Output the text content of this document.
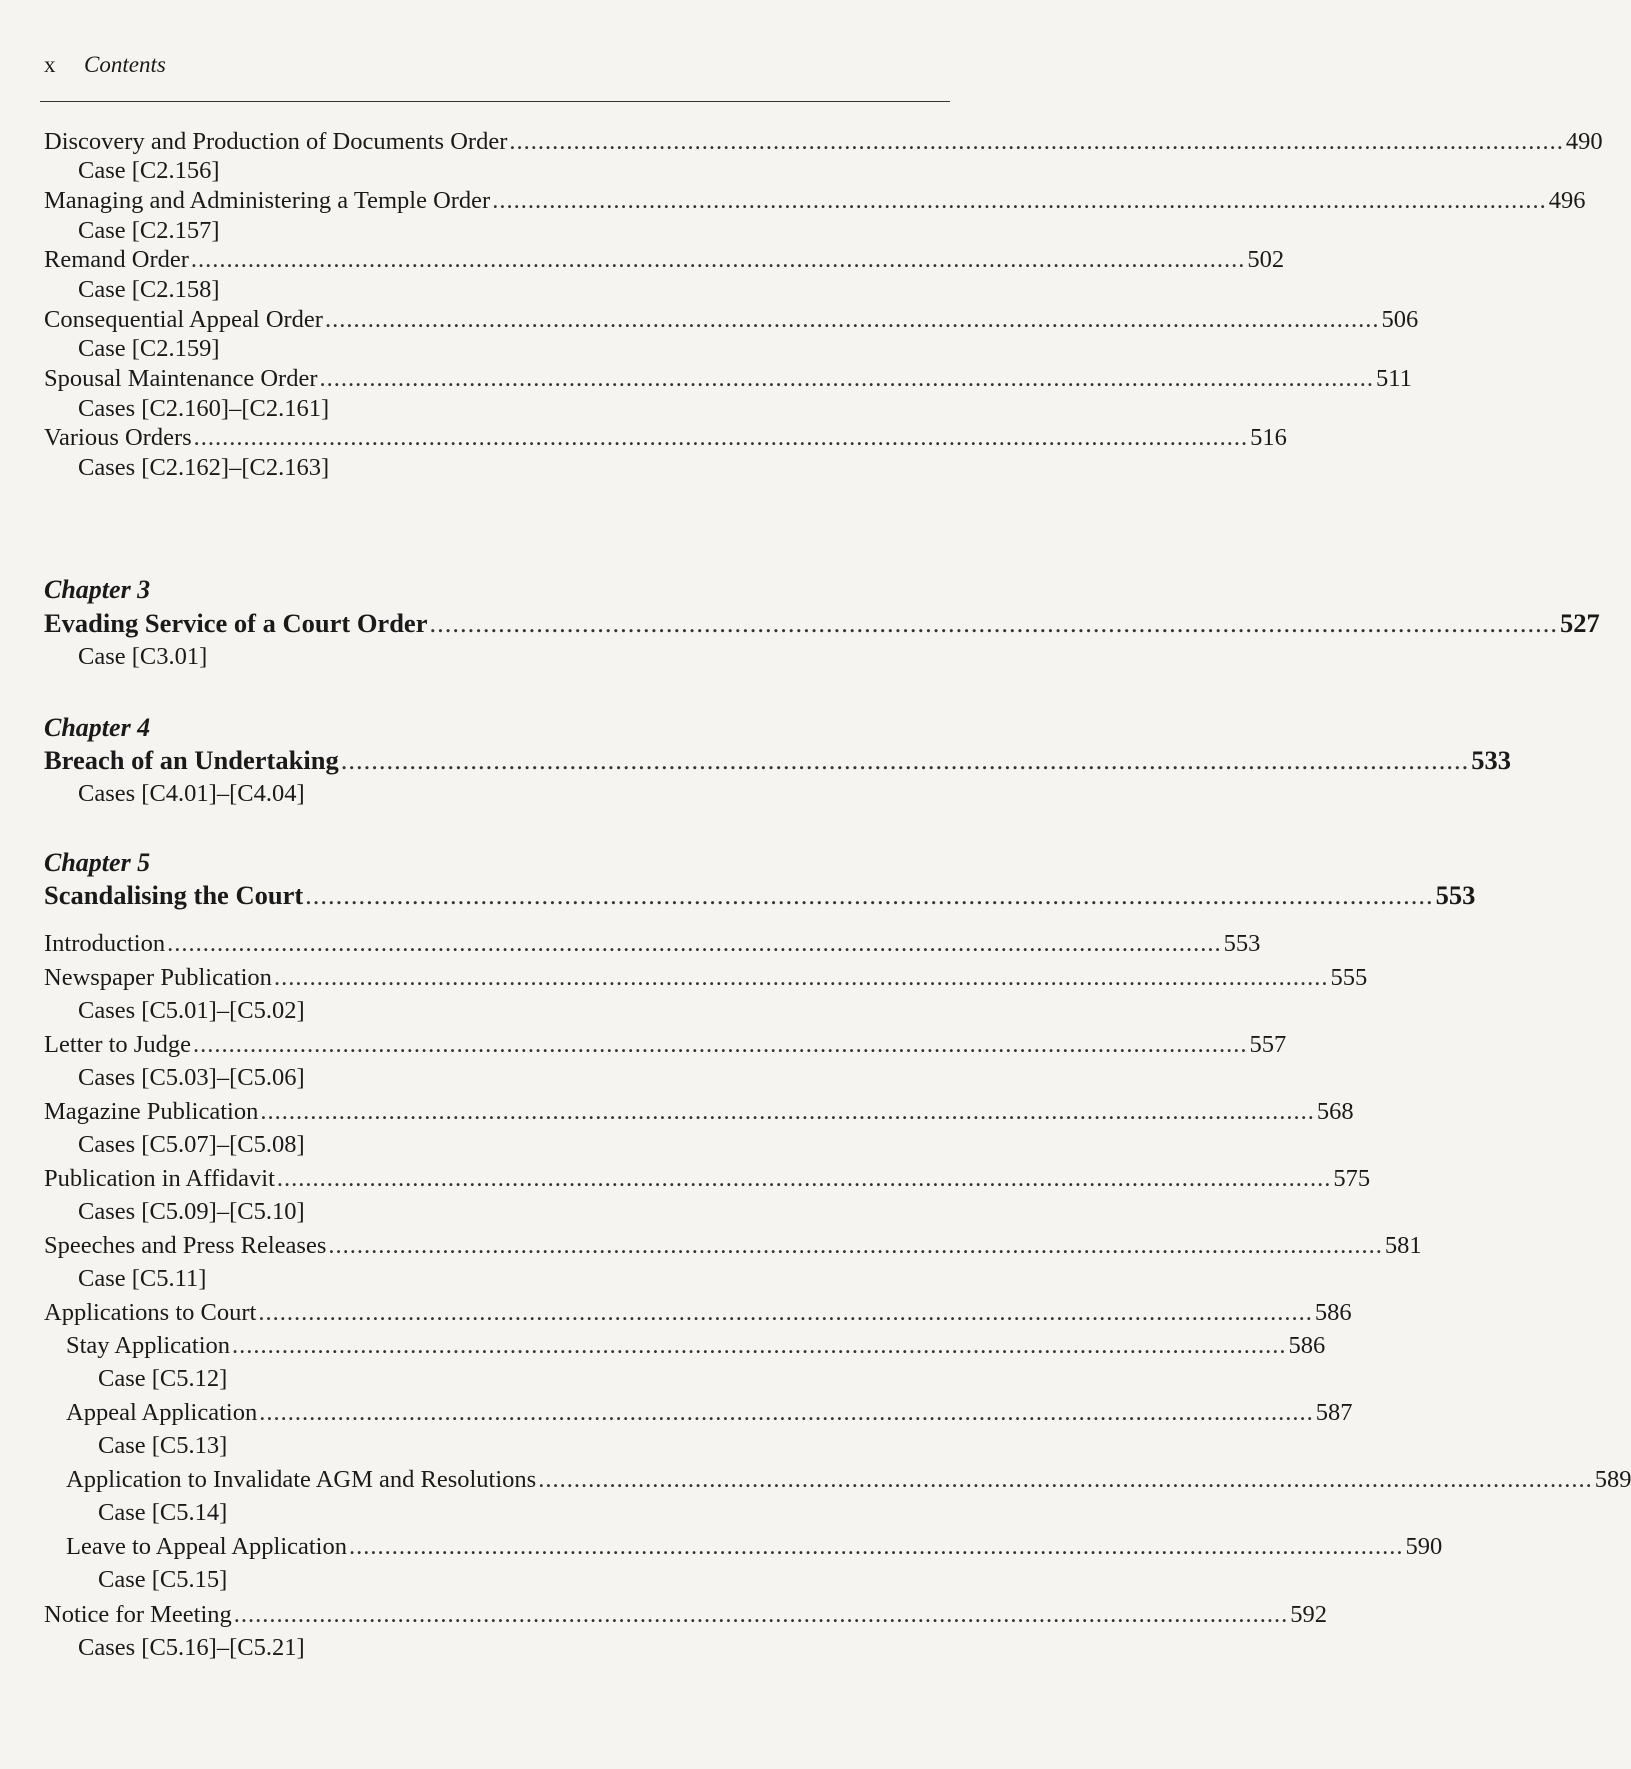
x Contents
Discovery and Production of Documents Order .................................................................................................................................................... 490
Case [C2.156]
Managing and Administering a Temple Order .................................................................................................................................................... 496
Case [C2.157]
Remand Order .................................................................................................................................................... 502
Case [C2.158]
Consequential Appeal Order .................................................................................................................................................... 506
Case [C2.159]
Spousal Maintenance Order .................................................................................................................................................... 511
Cases [C2.160]–[C2.161]
Various Orders .................................................................................................................................................... 516
Cases [C2.162]–[C2.163]
Chapter 3
Evading Service of a Court Order .................................................................................................................................................... 527
Case [C3.01]
Chapter 4
Breach of an Undertaking .................................................................................................................................................... 533
Cases [C4.01]–[C4.04]
Chapter 5
Scandalising the Court .................................................................................................................................................... 553
Introduction .................................................................................................................................................... 553
Newspaper Publication .................................................................................................................................................... 555
Cases [C5.01]–[C5.02]
Letter to Judge .................................................................................................................................................... 557
Cases [C5.03]–[C5.06]
Magazine Publication .................................................................................................................................................... 568
Cases [C5.07]–[C5.08]
Publication in Affidavit .................................................................................................................................................... 575
Cases [C5.09]–[C5.10]
Speeches and Press Releases .................................................................................................................................................... 581
Case [C5.11]
Applications to Court .................................................................................................................................................... 586
Stay Application .................................................................................................................................................... 586
Case [C5.12]
Appeal Application .................................................................................................................................................... 587
Case [C5.13]
Application to Invalidate AGM and Resolutions .................................................................................................................................................... 589
Case [C5.14]
Leave to Appeal Application .................................................................................................................................................... 590
Case [C5.15]
Notice for Meeting .................................................................................................................................................... 592
Cases [C5.16]–[C5.21]
